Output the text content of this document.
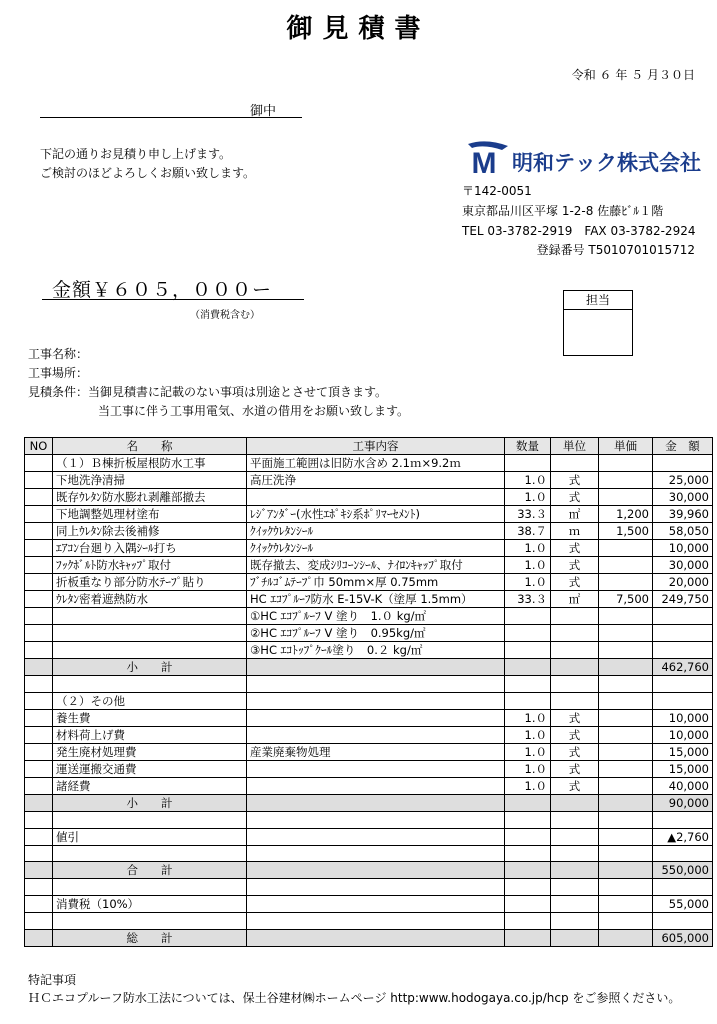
御見積書
令和 ６ 年 ５ 月３０日
御中
下記の通りお見積り申し上げます。
ご検討のほどよろしくお願い致します。	M 明和テック株式会社
〒142-0051
東京都品川区平塚 1-2-8 佐藤ﾋﾞﾙ１階
TEL 03-3782-2919　FAX 03-3782-2924
登録番号 T5010701015712
金額￥６０５，０００ー
（消費税含む）
担当
工事名称：
工事場所：
見積条件： 当御見積書に記載のない事項は別途とさせて頂きます。
当工事に伴う工事用電気、水道の借用をお願い致します。
NO	名　　称	工事内容	数量	単位	単価	金　額
	（１）Ｂ棟折板屋根防水工事	平面施工範囲は旧防水含め 2.1ｍ×9.2ｍ				
	下地洗浄清掃	高圧洗浄	1.０	式		25,000
	既存ｳﾚﾀﾝ防水膨れ剥離部撤去		1.０	式		30,000
	下地調整処理材塗布	ﾚｼﾞｱﾝﾀﾞｰ(水性ｴﾎﾟｷｼ系ﾎﾟﾘﾏｰｾﾒﾝﾄ)	33.３	㎡	1,200	39,960
	同上ｳﾚﾀﾝ除去後補修	ｸｲｯｸｳﾚﾀﾝｼｰﾙ	38.７	ｍ	1,500	58,050
	ｴｱｺﾝ台廻り入隅ｼｰﾙ打ち	ｸｲｯｸｳﾚﾀﾝｼｰﾙ	1.０	式		10,000
	ﾌｯｸﾎﾞﾙﾄ防水ｷｬｯﾌﾟ取付	既存撤去、変成ｼﾘｺｰﾝｼｰﾙ、ﾅｲﾛﾝｷｬｯﾌﾟ取付	1.０	式		30,000
	折板重なり部分防水ﾃｰﾌﾟ貼り	ﾌﾞﾁﾙｺﾞﾑﾃｰﾌﾟ巾 50mm×厚 0.75mm	1.０	式		20,000
	ｳﾚﾀﾝ密着遮熱防水	HC ｴｺﾌﾟﾙｰﾌ防水 E-15V-K（塗厚 1.5mm）	33.３	㎡	7,500	249,750
		①HC ｴｺﾌﾟﾙｰﾌ V 塗り　1.０ kg/㎡				
		②HC ｴｺﾌﾟﾙｰﾌ V 塗り　0.95kg/㎡				
		③HC ｴｺﾄｯﾌﾟｸｰﾙ塗り　0.２ kg/㎡				
	小　　計					462,760

	（２）その他					
	養生費		1.０	式		10,000
	材料荷上げ費		1.０	式		10,000
	発生廃材処理費	産業廃棄物処理	1.０	式		15,000
	運送運搬交通費		1.０	式		15,000
	諸経費		1.０	式		40,000
	小　　計					90,000

	値引					▲2,760

	合　　計					550,000

	消費税（10%）					55,000

	総　　計					605,000
特記事項
ＨＣエコプルーフ防水工法については、保土谷建材㈱ホームページ http:www.hodogaya.co.jp/hcp をご参照ください。
